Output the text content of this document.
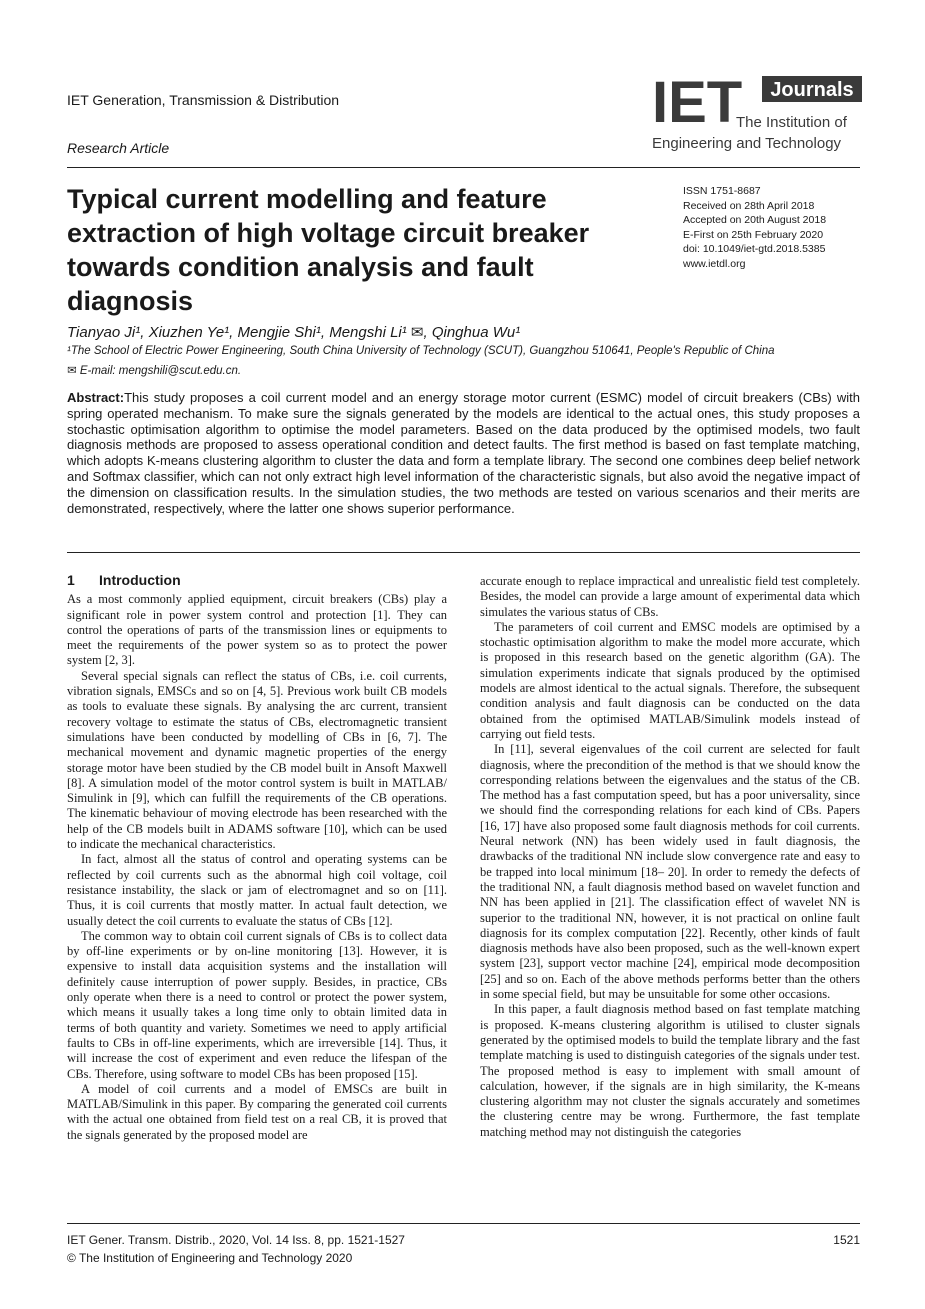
IET Generation, Transmission & Distribution
Research Article
IET Journals
The Institution of
Engineering and Technology
Typical current modelling and feature extraction of high voltage circuit breaker towards condition analysis and fault diagnosis
ISSN 1751-8687
Received on 28th April 2018
Accepted on 20th August 2018
E-First on 25th February 2020
doi: 10.1049/iet-gtd.2018.5385
www.ietdl.org
Tianyao Ji¹, Xiuzhen Ye¹, Mengjie Shi¹, Mengshi Li¹ ✉, Qinghua Wu¹
¹The School of Electric Power Engineering, South China University of Technology (SCUT), Guangzhou 510641, People's Republic of China
✉ E-mail: mengshili@scut.edu.cn.
Abstract:This study proposes a coil current model and an energy storage motor current (ESMC) model of circuit breakers (CBs) with spring operated mechanism. To make sure the signals generated by the models are identical to the actual ones, this study proposes a stochastic optimisation algorithm to optimise the model parameters. Based on the data produced by the optimised models, two fault diagnosis methods are proposed to assess operational condition and detect faults. The first method is based on fast template matching, which adopts K-means clustering algorithm to cluster the data and form a template library. The second one combines deep belief network and Softmax classifier, which can not only extract high level information of the characteristic signals, but also avoid the negative impact of the dimension on classification results. In the simulation studies, the two methods are tested on various scenarios and their merits are demonstrated, respectively, where the latter one shows superior performance.
1 Introduction

As a most commonly applied equipment, circuit breakers (CBs) play a significant role in power system control and protection [1]. They can control the operations of parts of the transmission lines or equipments to meet the requirements of the power system so as to protect the power system [2, 3].

Several special signals can reflect the status of CBs, i.e. coil currents, vibration signals, EMSCs and so on [4, 5]. Previous work built CB models as tools to evaluate these signals. By analysing the arc current, transient recovery voltage to estimate the status of CBs, electromagnetic transient simulations have been conducted by modelling of CBs in [6, 7]. The mechanical movement and dynamic magnetic properties of the energy storage motor have been studied by the CB model built in Ansoft Maxwell [8]. A simulation model of the motor control system is built in MATLAB/ Simulink in [9], which can fulfill the requirements of the CB operations. The kinematic behaviour of moving electrode has been researched with the help of the CB models built in ADAMS software [10], which can be used to indicate the mechanical characteristics.

In fact, almost all the status of control and operating systems can be reflected by coil currents such as the abnormal high coil voltage, coil resistance instability, the slack or jam of electromagnet and so on [11]. Thus, it is coil currents that mostly matter. In actual fault detection, we usually detect the coil currents to evaluate the status of CBs [12].

The common way to obtain coil current signals of CBs is to collect data by off-line experiments or by on-line monitoring [13]. However, it is expensive to install data acquisition systems and the installation will definitely cause interruption of power supply. Besides, in practice, CBs only operate when there is a need to control or protect the power system, which means it usually takes a long time only to obtain limited data in terms of both quantity and variety. Sometimes we need to apply artificial faults to CBs in off-line experiments, which are irreversible [14]. Thus, it will increase the cost of experiment and even reduce the lifespan of the CBs. Therefore, using software to model CBs has been proposed [15].

A model of coil currents and a model of EMSCs are built in MATLAB/Simulink in this paper. By comparing the generated coil currents with the actual one obtained from field test on a real CB, it is proved that the signals generated by the proposed model are

accurate enough to replace impractical and unrealistic field test completely. Besides, the model can provide a large amount of experimental data which simulates the various status of CBs.

The parameters of coil current and EMSC models are optimised by a stochastic optimisation algorithm to make the model more accurate, which is proposed in this research based on the genetic algorithm (GA). The simulation experiments indicate that signals produced by the optimised models are almost identical to the actual signals. Therefore, the subsequent condition analysis and fault diagnosis can be conducted on the data obtained from the optimised MATLAB/Simulink models instead of carrying out field tests.

In [11], several eigenvalues of the coil current are selected for fault diagnosis, where the precondition of the method is that we should know the corresponding relations between the eigenvalues and the status of the CB. The method has a fast computation speed, but has a poor universality, since we should find the corresponding relations for each kind of CBs. Papers [16, 17] have also proposed some fault diagnosis methods for coil currents. Neural network (NN) has been widely used in fault diagnosis, the drawbacks of the traditional NN include slow convergence rate and easy to be trapped into local minimum [18– 20]. In order to remedy the defects of the traditional NN, a fault diagnosis method based on wavelet function and NN has been applied in [21]. The classification effect of wavelet NN is superior to the traditional NN, however, it is not practical on online fault diagnosis for its complex computation [22]. Recently, other kinds of fault diagnosis methods have also been proposed, such as the well-known expert system [23], support vector machine [24], empirical mode decomposition [25] and so on. Each of the above methods performs better than the others in some special field, but may be unsuitable for some other occasions.

In this paper, a fault diagnosis method based on fast template matching is proposed. K-means clustering algorithm is utilised to cluster signals generated by the optimised models to build the template library and the fast template matching is used to distinguish categories of the signals under test. The proposed method is easy to implement with small amount of calculation, however, if the signals are in high similarity, the K-means clustering algorithm may not cluster the signals accurately and sometimes the clustering centre may be wrong. Furthermore, the fast template matching method may not distinguish the categories

IET Gener. Transm. Distrib., 2020, Vol. 14 Iss. 8, pp. 1521-1527
© The Institution of Engineering and Technology 2020
1521
